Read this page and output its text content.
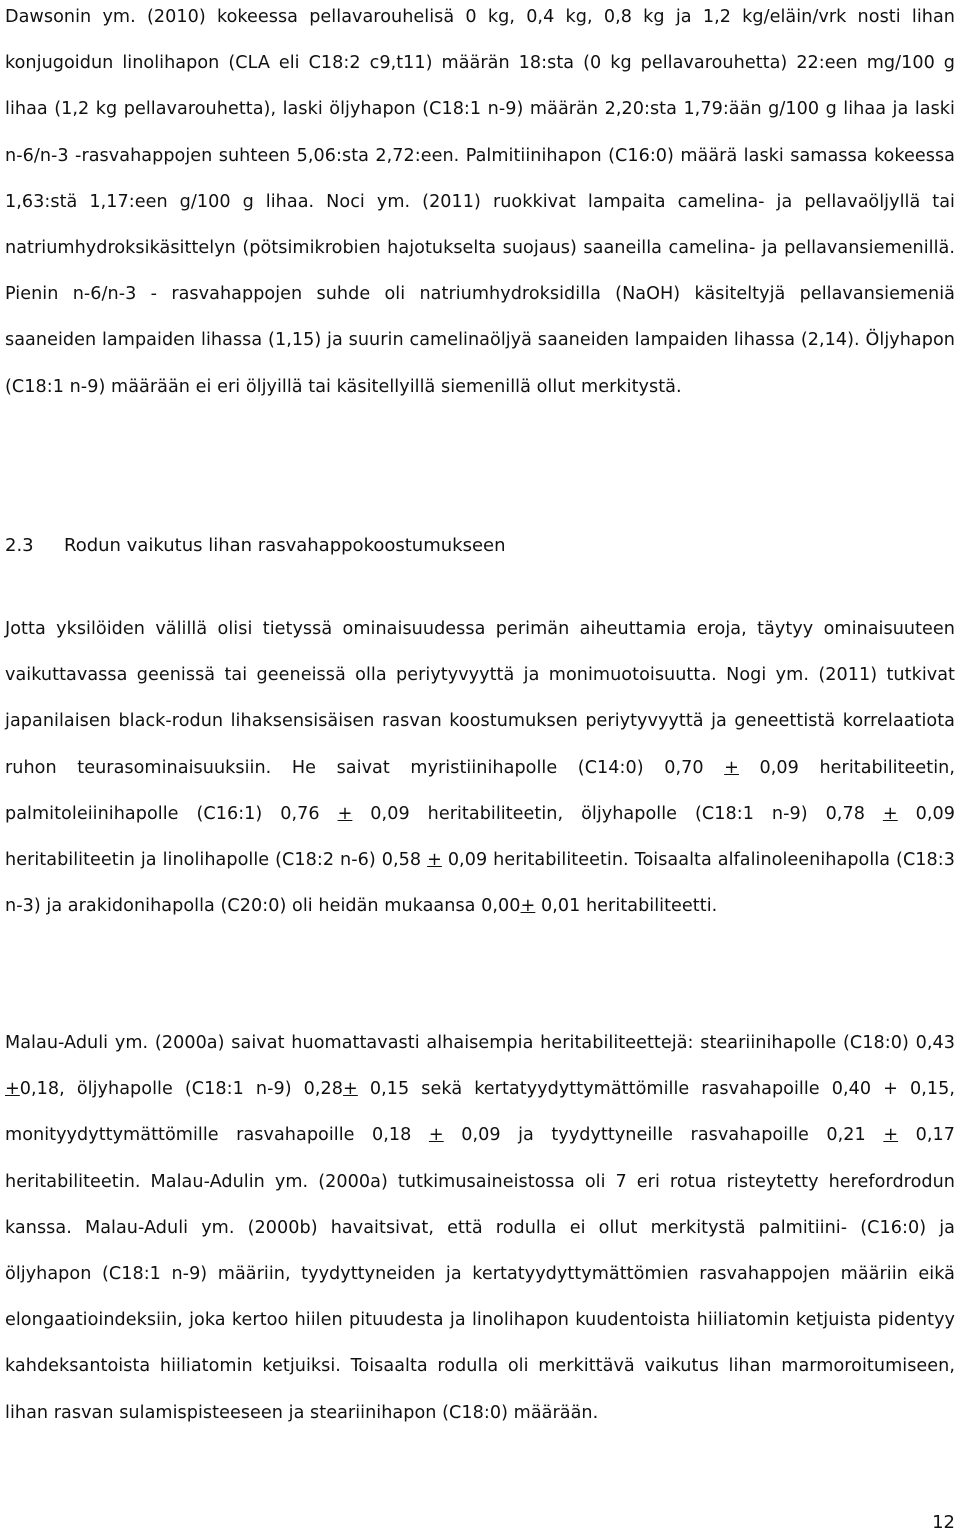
Dawsonin ym. (2010) kokeessa pellavarouhelisä 0 kg, 0,4 kg, 0,8 kg ja 1,2 kg/eläin/vrk nosti lihan konjugoidun linolihapon (CLA eli C18:2 c9,t11) määrän 18:sta (0 kg pellavarouhetta) 22:een mg/100 g lihaa (1,2 kg pellavarouhetta), laski öljyhapon (C18:1 n-9) määrän 2,20:sta 1,79:ään g/100 g lihaa ja laski n-6/n-3 -rasvahappojen suhteen 5,06:sta 2,72:een. Palmitiinihapon (C16:0) määrä laski samassa kokeessa 1,63:stä 1,17:een g/100 g lihaa. Noci ym. (2011) ruokkivat lampaita camelina- ja pellavaöljyllä tai natriumhydroksikäsittelyn (pötsimikrobien hajotukselta suojaus) saaneilla camelina- ja pellavansiemenillä. Pienin n-6/n-3 - rasvahappojen suhde oli natriumhydroksidilla (NaOH) käsiteltyjä pellavansiemeniä saaneiden lampaiden lihassa (1,15) ja suurin camelinaöljyä saaneiden lampaiden lihassa (2,14). Öljyhapon (C18:1 n-9) määrään ei eri öljyillä tai käsitellyillä siemenillä ollut merkitystä.

2.3 Rodun vaikutus lihan rasvahappokoostumukseen

Jotta yksilöiden välillä olisi tietyssä ominaisuudessa perimän aiheuttamia eroja, täytyy ominaisuuteen vaikuttavassa geenissä tai geeneissä olla periytyvyyttä ja monimuotoisuutta. Nogi ym. (2011) tutkivat japanilaisen black-rodun lihaksensisäisen rasvan koostumuksen periytyvyyttä ja geneettistä korrelaatiota ruhon teurasominaisuuksiin. He saivat myristiinihapolle (C14:0) 0,70 + 0,09 heritabiliteetin, palmitoleiinihapolle (C16:1) 0,76 + 0,09 heritabiliteetin, öljyhapolle (C18:1 n-9) 0,78 + 0,09 heritabiliteetin ja linolihapolle (C18:2 n-6) 0,58 + 0,09 heritabiliteetin. Toisaalta alfalinoleenihapolla (C18:3 n-3) ja arakidonihapolla (C20:0) oli heidän mukaansa 0,00+ 0,01 heritabiliteetti.

Malau-Aduli ym. (2000a) saivat huomattavasti alhaisempia heritabiliteettejä: steariinihapolle (C18:0) 0,43 +0,18, öljyhapolle (C18:1 n-9) 0,28+ 0,15 sekä kertatyydyttymättömille rasvahapoille 0,40 + 0,15, monityydyttymättömille rasvahapoille 0,18 + 0,09 ja tyydyttyneille rasvahapoille 0,21 + 0,17 heritabiliteetin. Malau-Adulin ym. (2000a) tutkimusaineistossa oli 7 eri rotua risteytetty herefordrodun kanssa. Malau-Aduli ym. (2000b) havaitsivat, että rodulla ei ollut merkitystä palmitiini- (C16:0) ja öljyhapon (C18:1 n-9) määriin, tyydyttyneiden ja kertatyydyttymättömien rasvahappojen määriin eikä elongaatioindeksiin, joka kertoo hiilen pituudesta ja linolihapon kuudentoista hiiliatomin ketjuista pidentyy kahdeksantoista hiiliatomin ketjuiksi. Toisaalta rodulla oli merkittävä vaikutus lihan marmoroitumiseen, lihan rasvan sulamispisteeseen ja steariinihapon (C18:0) määrään.

12
